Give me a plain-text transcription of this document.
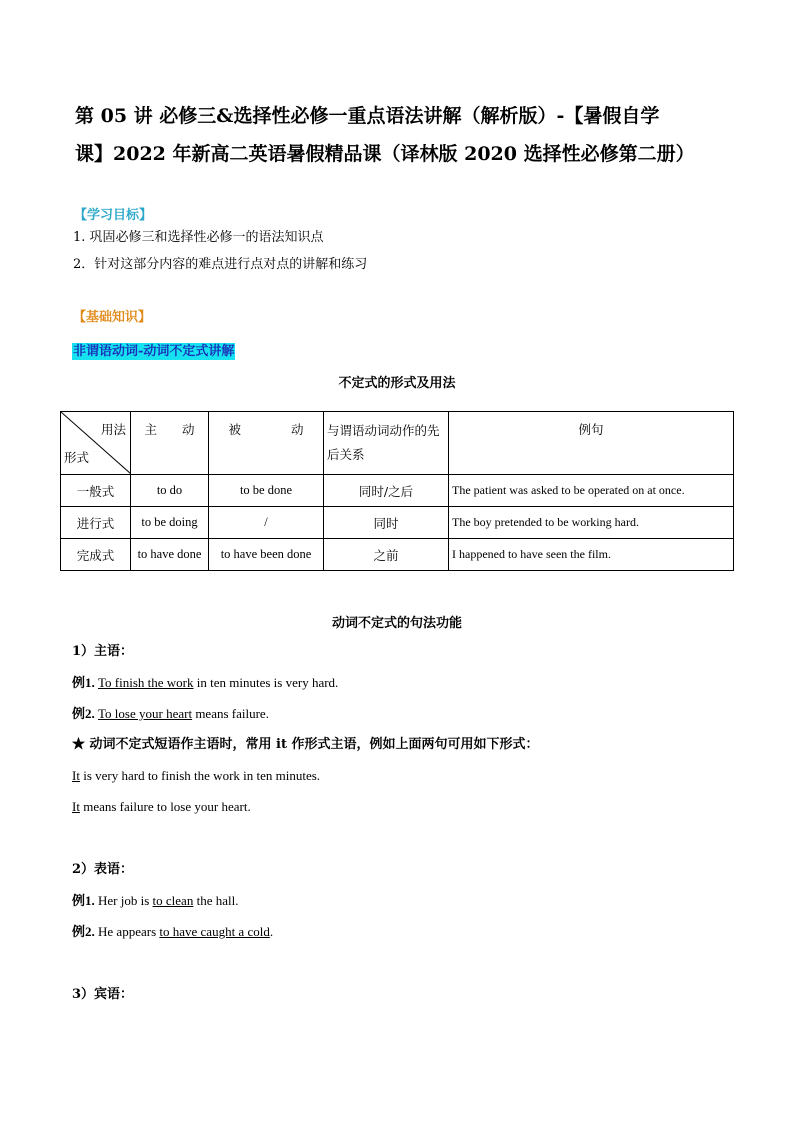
第 05 讲 必修三&选择性必修一重点语法讲解（解析版）-【暑假自学
课】2022 年新高二英语暑假精品课（译林版 2020 选择性必修第二册）
【学习目标】
1. 巩固必修三和选择性必修一的语法知识点
2．针对这部分内容的难点进行点对点的讲解和练习
【基础知识】
非谓语动词-动词不定式讲解
不定式的形式及用法
用法
形式	主　　动	被　　　　动	与谓语动词动作的先后关系	例句
一般式	to do	to be done	同时/之后	The patient was asked to be operated on at once.
进行式	to be doing	/	同时	The boy pretended to be working hard.
完成式	to have done	to have been done	之前	I happened to have seen the film.
动词不定式的句法功能
1）主语：
例1. To finish the work in ten minutes is very hard.
例2. To lose your heart means failure.
★ 动词不定式短语作主语时，常用 it 作形式主语，例如上面两句可用如下形式：
It is very hard to finish the work in ten minutes.
It means failure to lose your heart.
2）表语：
例1. Her job is to clean the hall.
例2. He appears to have caught a cold.
3）宾语：
